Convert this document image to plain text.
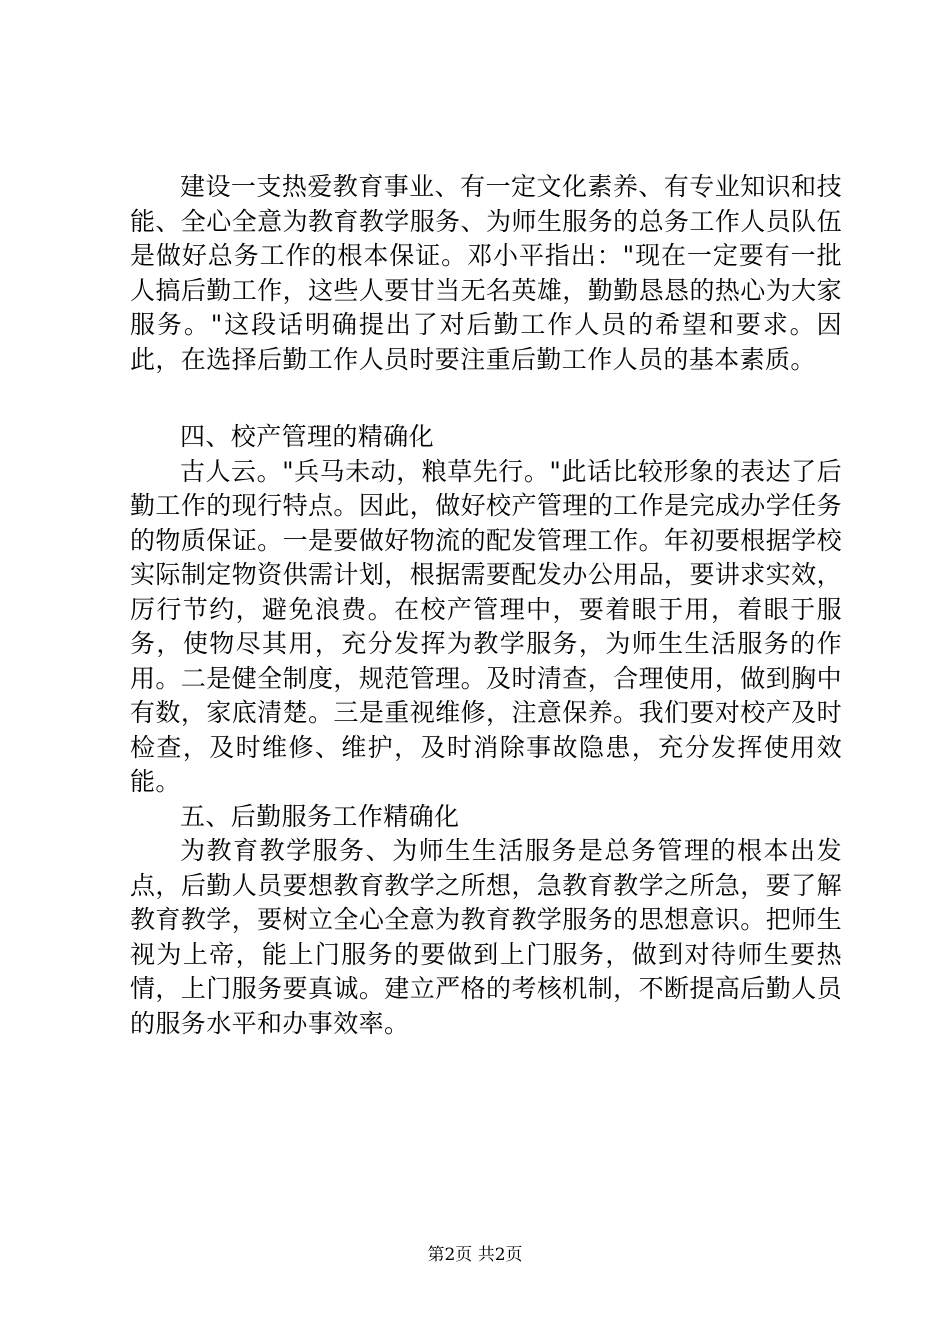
建设一支热爱教育事业、有一定文化素养、有专业知识和技能、全心全意为教育教学服务、为师生服务的总务工作人员队伍是做好总务工作的根本保证。邓小平指出："现在一定要有一批人搞后勤工作，这些人要甘当无名英雄，勤勤恳恳的热心为大家服务。"这段话明确提出了对后勤工作人员的希望和要求。因此，在选择后勤工作人员时要注重后勤工作人员的基本素质。

四、校产管理的精确化

古人云。"兵马未动，粮草先行。"此话比较形象的表达了后勤工作的现行特点。因此，做好校产管理的工作是完成办学任务的物质保证。一是要做好物流的配发管理工作。年初要根据学校实际制定物资供需计划，根据需要配发办公用品，要讲求实效，厉行节约，避免浪费。在校产管理中，要着眼于用，着眼于服务，使物尽其用，充分发挥为教学服务，为师生生活服务的作用。二是健全制度，规范管理。及时清查，合理使用，做到胸中有数，家底清楚。三是重视维修，注意保养。我们要对校产及时检查，及时维修、维护，及时消除事故隐患，充分发挥使用效能。

五、后勤服务工作精确化

为教育教学服务、为师生生活服务是总务管理的根本出发点，后勤人员要想教育教学之所想，急教育教学之所急，要了解教育教学，要树立全心全意为教育教学服务的思想意识。把师生视为上帝，能上门服务的要做到上门服务，做到对待师生要热情，上门服务要真诚。建立严格的考核机制，不断提高后勤人员的服务水平和办事效率。

第2页 共2页
